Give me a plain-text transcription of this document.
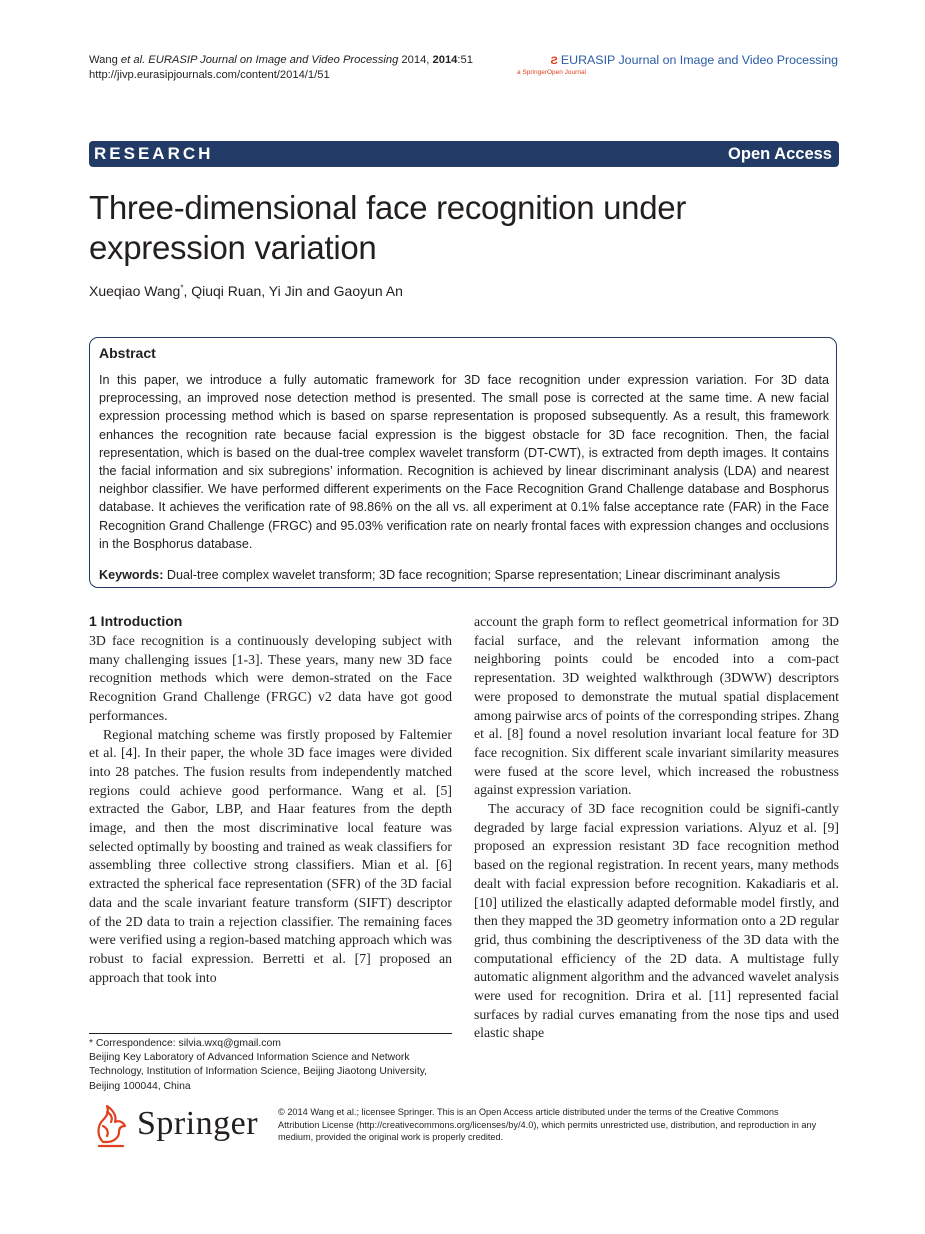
Wang et al. EURASIP Journal on Image and Video Processing 2014, 2014:51
http://jivp.eurasipjournals.com/content/2014/1/51
Ƨ EURASIP Journal on Image and Video Processing
a SpringerOpen Journal
RESEARCH	Open Access
Three-dimensional face recognition under expression variation
Xueqiao Wang*, Qiuqi Ruan, Yi Jin and Gaoyun An
Abstract
In this paper, we introduce a fully automatic framework for 3D face recognition under expression variation. For 3D data preprocessing, an improved nose detection method is presented. The small pose is corrected at the same time. A new facial expression processing method which is based on sparse representation is proposed subsequently. As a result, this framework enhances the recognition rate because facial expression is the biggest obstacle for 3D face recognition. Then, the facial representation, which is based on the dual-tree complex wavelet transform (DT-CWT), is extracted from depth images. It contains the facial information and six subregions’ information. Recognition is achieved by linear discriminant analysis (LDA) and nearest neighbor classifier. We have performed different experiments on the Face Recognition Grand Challenge database and Bosphorus database. It achieves the verification rate of 98.86% on the all vs. all experiment at 0.1% false acceptance rate (FAR) in the Face Recognition Grand Challenge (FRGC) and 95.03% verification rate on nearly frontal faces with expression changes and occlusions in the Bosphorus database.
Keywords: Dual-tree complex wavelet transform; 3D face recognition; Sparse representation; Linear discriminant analysis
1 Introduction

3D face recognition is a continuously developing subject with many challenging issues [1-3]. These years, many new 3D face recognition methods which were demon-strated on the Face Recognition Grand Challenge (FRGC) v2 data have got good performances.

Regional matching scheme was firstly proposed by Faltemier et al. [4]. In their paper, the whole 3D face images were divided into 28 patches. The fusion results from independently matched regions could achieve good performance. Wang et al. [5] extracted the Gabor, LBP, and Haar features from the depth image, and then the most discriminative local feature was selected optimally by boosting and trained as weak classifiers for assembling three collective strong classifiers. Mian et al. [6] extracted the spherical face representation (SFR) of the 3D facial data and the scale invariant feature transform (SIFT) descriptor of the 2D data to train a rejection classifier. The remaining faces were verified using a region-based matching approach which was robust to facial expression. Berretti et al. [7] proposed an approach that took into

account the graph form to reflect geometrical information for 3D facial surface, and the relevant information among the neighboring points could be encoded into a com-pact representation. 3D weighted walkthrough (3DWW) descriptors were proposed to demonstrate the mutual spatial displacement among pairwise arcs of points of the corresponding stripes. Zhang et al. [8] found a novel resolution invariant local feature for 3D face recognition. Six different scale invariant similarity measures were fused at the score level, which increased the robustness against expression variation.

The accuracy of 3D face recognition could be signifi-cantly degraded by large facial expression variations. Alyuz et al. [9] proposed an expression resistant 3D face recognition method based on the regional registration. In recent years, many methods dealt with facial expression before recognition. Kakadiaris et al. [10] utilized the elastically adapted deformable model firstly, and then they mapped the 3D geometry information onto a 2D regular grid, thus combining the descriptiveness of the 3D data with the computational efficiency of the 2D data. A multistage fully automatic alignment algorithm and the advanced wavelet analysis were used for recognition. Drira et al. [11] represented facial surfaces by radial curves emanating from the nose tips and used elastic shape

* Correspondence: silvia.wxq@gmail.com
Beijing Key Laboratory of Advanced Information Science and Network Technology, Institution of Information Science, Beijing Jiaotong University, Beijing 100044, China
Springer © 2014 Wang et al.; licensee Springer. This is an Open Access article distributed under the terms of the Creative Commons Attribution License (http://creativecommons.org/licenses/by/4.0), which permits unrestricted use, distribution, and reproduction in any medium, provided the original work is properly credited.
